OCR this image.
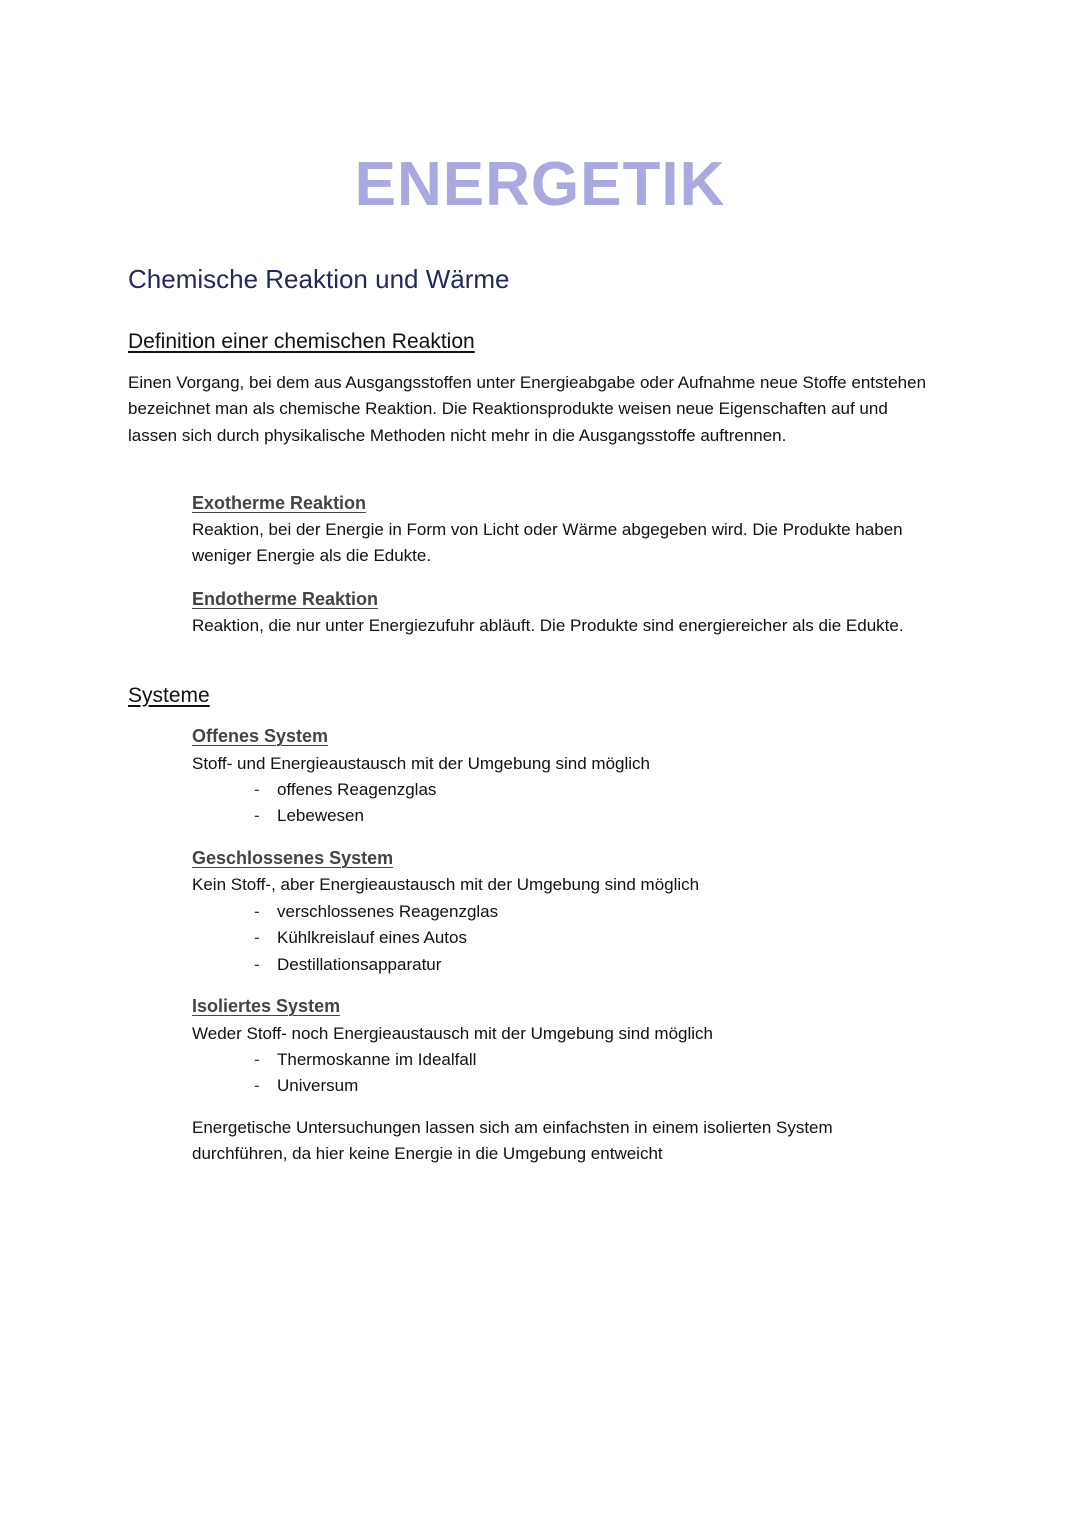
ENERGETIK
Chemische Reaktion und Wärme
Definition einer chemischen Reaktion

Einen Vorgang, bei dem aus Ausgangsstoffen unter Energieabgabe oder Aufnahme neue Stoffe entstehen bezeichnet man als chemische Reaktion. Die Reaktionsprodukte weisen neue Eigenschaften auf und lassen sich durch physikalische Methoden nicht mehr in die Ausgangsstoffe auftrennen.

Exotherme Reaktion

Reaktion, bei der Energie in Form von Licht oder Wärme abgegeben wird. Die Produkte haben weniger Energie als die Edukte.

Endotherme Reaktion

Reaktion, die nur unter Energiezufuhr abläuft. Die Produkte sind energiereicher als die Edukte.

Systeme
Offenes System

Stoff- und Energieaustausch mit der Umgebung sind möglich

- offenes Reagenzglas
- Lebewesen
Geschlossenes System

Kein Stoff-, aber Energieaustausch mit der Umgebung sind möglich

- verschlossenes Reagenzglas
- Kühlkreislauf eines Autos
- Destillationsapparatur
Isoliertes System

Weder Stoff- noch Energieaustausch mit der Umgebung sind möglich

- Thermoskanne im Idealfall
- Universum

Energetische Untersuchungen lassen sich am einfachsten in einem isolierten System durchführen, da hier keine Energie in die Umgebung entweicht
